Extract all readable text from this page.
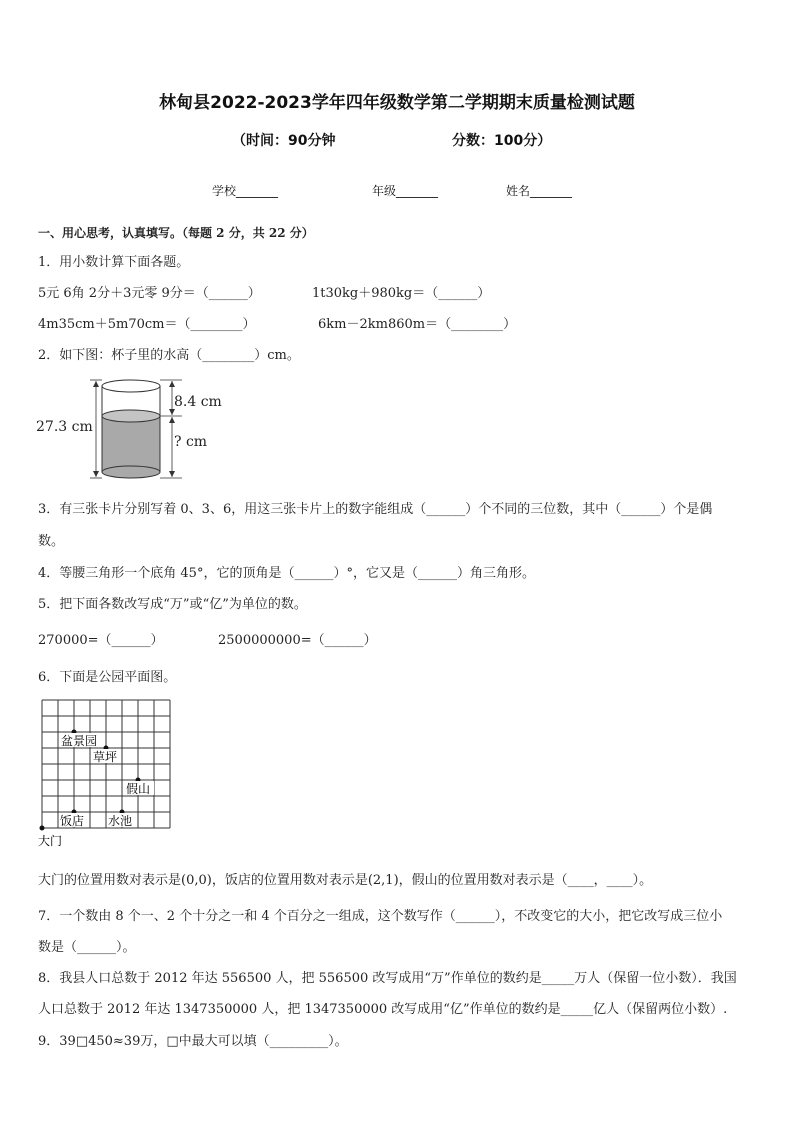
林甸县2022-2023学年四年级数学第二学期期末质量检测试题
（时间：90分钟	分数：100分）
学校_______	年级_______	姓名_______
一、用心思考，认真填写。（每题 2 分，共 22 分）
1．用小数计算下面各题。
5元 6角 2分＋3元零 9分＝（______）	1t30kg＋980kg＝（______）
4m35cm＋5m70cm＝（________）	6km－2km860m＝（________）
2．如下图：杯子里的水高（________）cm。
27.3 cm
8.4 cm
? cm
3．有三张卡片分别写着 0、3、6，用这三张卡片上的数字能组成（______）个不同的三位数，其中（______）个是偶
数。
4．等腰三角形一个底角 45°，它的顶角是（______）°，它又是（______）角三角形。
5．把下面各数改写成“万”或“亿”为单位的数。
270000=（______）	2500000000=（______）
6．下面是公园平面图。
盆景园
草坪
假山
饭店 水池
大门
大门的位置用数对表示是(0,0)，饭店的位置用数对表示是(2,1)，假山的位置用数对表示是（____，____）。
7．一个数由 8 个一、2 个十分之一和 4 个百分之一组成，这个数写作（______），不改变它的大小，把它改写成三位小
数是（______）。
8．我县人口总数于 2012 年达 556500 人，把 556500 改写成用“万”作单位的数约是_____万人（保留一位小数）．我国
人口总数于 2012 年达 1347350000 人，把 1347350000 改写成用“亿”作单位的数约是_____亿人（保留两位小数）.
9．39□450≈39万，□中最大可以填（_________）。
